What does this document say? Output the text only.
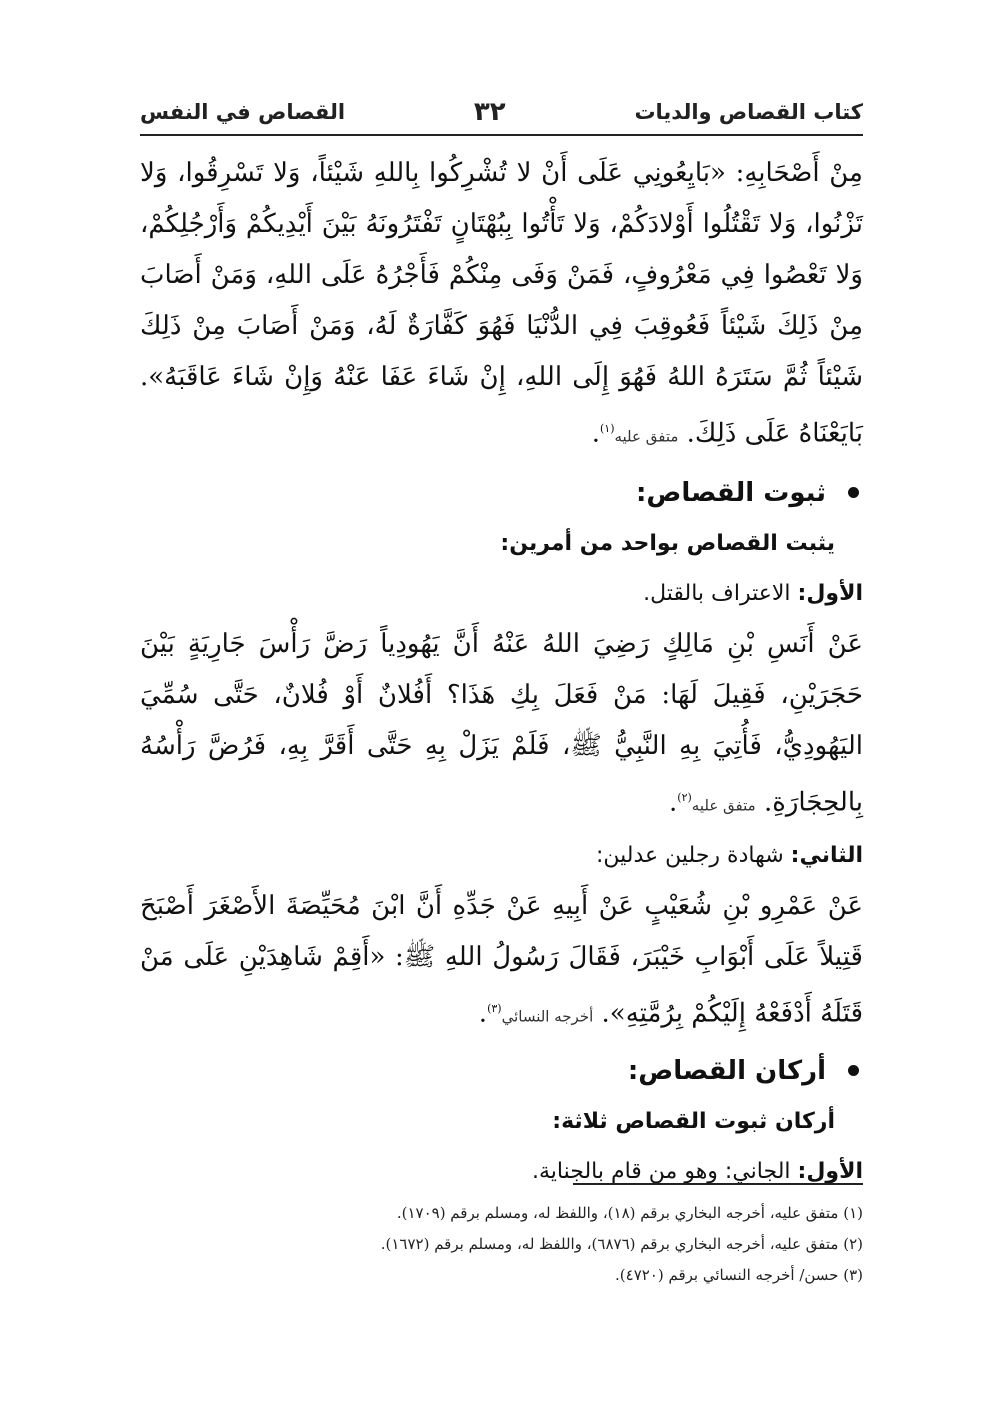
كتاب القصاص والديات
٣٢
القصاص في النفس

مِنْ أَصْحَابِهِ: «بَايِعُونِي عَلَى أَنْ لا تُشْرِكُوا بِاللهِ شَيْئاً، وَلا تَسْرِقُوا، وَلا تَزْنُوا، وَلا تَقْتُلُوا أَوْلادَكُمْ، وَلا تَأْتُوا بِبُهْتَانٍ تَفْتَرُونَهُ بَيْنَ أَيْدِيكُمْ وَأَرْجُلِكُمْ، وَلا تَعْصُوا فِي مَعْرُوفٍ، فَمَنْ وَفَى مِنْكُمْ فَأَجْرُهُ عَلَى اللهِ، وَمَنْ أَصَابَ مِنْ ذَلِكَ شَيْئاً فَعُوقِبَ فِي الدُّنْيَا فَهُوَ كَفَّارَةٌ لَهُ، وَمَنْ أَصَابَ مِنْ ذَلِكَ شَيْئاً ثُمَّ سَتَرَهُ اللهُ فَهُوَ إِلَى اللهِ، إِنْ شَاءَ عَفَا عَنْهُ وَإِنْ شَاءَ عَاقَبَهُ». بَايَعْنَاهُ عَلَى ذَلِكَ. متفق عليه$^{(١)}$.

ثبوت القصاص:

يثبت القصاص بواحد من أمرين:

الأول: الاعتراف بالقتل.

عَنْ أَنَسِ بْنِ مَالِكٍ رَضِيَ اللهُ عَنْهُ أَنَّ يَهُودِياً رَضَّ رَأْسَ جَارِيَةٍ بَيْنَ حَجَرَيْنِ، فَقِيلَ لَهَا: مَنْ فَعَلَ بِكِ هَذَا؟ أَفُلانٌ أَوْ فُلانٌ، حَتَّى سُمِّيَ اليَهُودِيُّ، فَأُتِيَ بِهِ النَّبِيُّ ﷺ، فَلَمْ يَزَلْ بِهِ حَتَّى أَقَرَّ بِهِ، فَرُضَّ رَأْسُهُ بِالحِجَارَةِ. متفق عليه$^{(٢)}$.

الثاني: شهادة رجلين عدلين:

عَنْ عَمْرِو بْنِ شُعَيْبٍ عَنْ أَبِيهِ عَنْ جَدِّهِ أَنَّ ابْنَ مُحَيِّصَةَ الأَصْغَرَ أَصْبَحَ قَتِيلاً عَلَى أَبْوَابِ خَيْبَرَ، فَقَالَ رَسُولُ اللهِ ﷺ: «أَقِمْ شَاهِدَيْنِ عَلَى مَنْ قَتَلَهُ أَدْفَعْهُ إِلَيْكُمْ بِرُمَّتِهِ». أخرجه النسائي$^{(٣)}$.

أركان القصاص:

أركان ثبوت القصاص ثلاثة:

الأول: الجاني: وهو من قام بالجناية.

(١) متفق عليه، أخرجه البخاري برقم (١٨)، واللفظ له، ومسلم برقم (١٧٠٩).

(٢) متفق عليه، أخرجه البخاري برقم (٦٨٧٦)، واللفظ له، ومسلم برقم (١٦٧٢).

(٣) حسن/ أخرجه النسائي برقم (٤٧٢٠).
